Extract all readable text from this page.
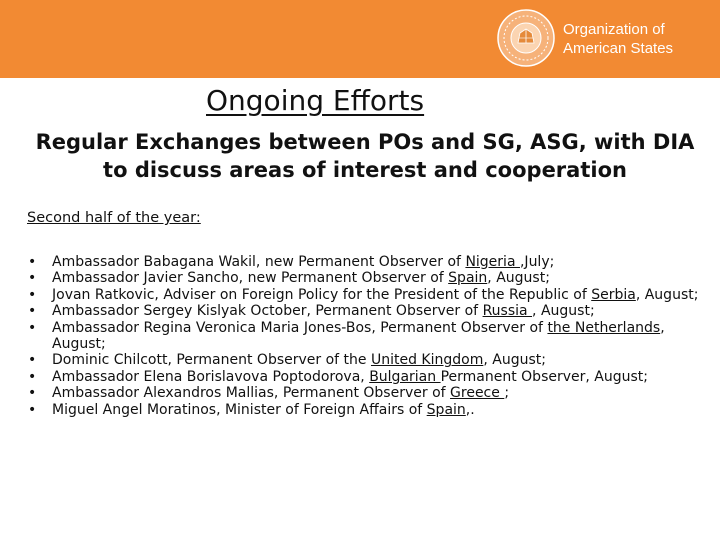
Organization of
American States
Ongoing Efforts
Regular Exchanges between POs and SG, ASG, with DIA to discuss areas of interest and cooperation
Second half of the year:
• Ambassador Babagana Wakil, new Permanent Observer of Nigeria ,July;
• Ambassador Javier Sancho, new Permanent Observer of Spain, August;
• Jovan Ratkovic, Adviser on Foreign Policy for the President of the Republic of Serbia, August;
• Ambassador Sergey Kislyak October, Permanent Observer of Russia , August;
• Ambassador Regina Veronica Maria Jones-Bos, Permanent Observer of the Netherlands, August;
• Dominic Chilcott, Permanent Observer of the United Kingdom, August;
• Ambassador Elena Borislavova Poptodorova, Bulgarian Permanent Observer, August;
• Ambassador Alexandros Mallias, Permanent Observer of Greece ;
• Miguel Angel Moratinos, Minister of Foreign Affairs of Spain,.
